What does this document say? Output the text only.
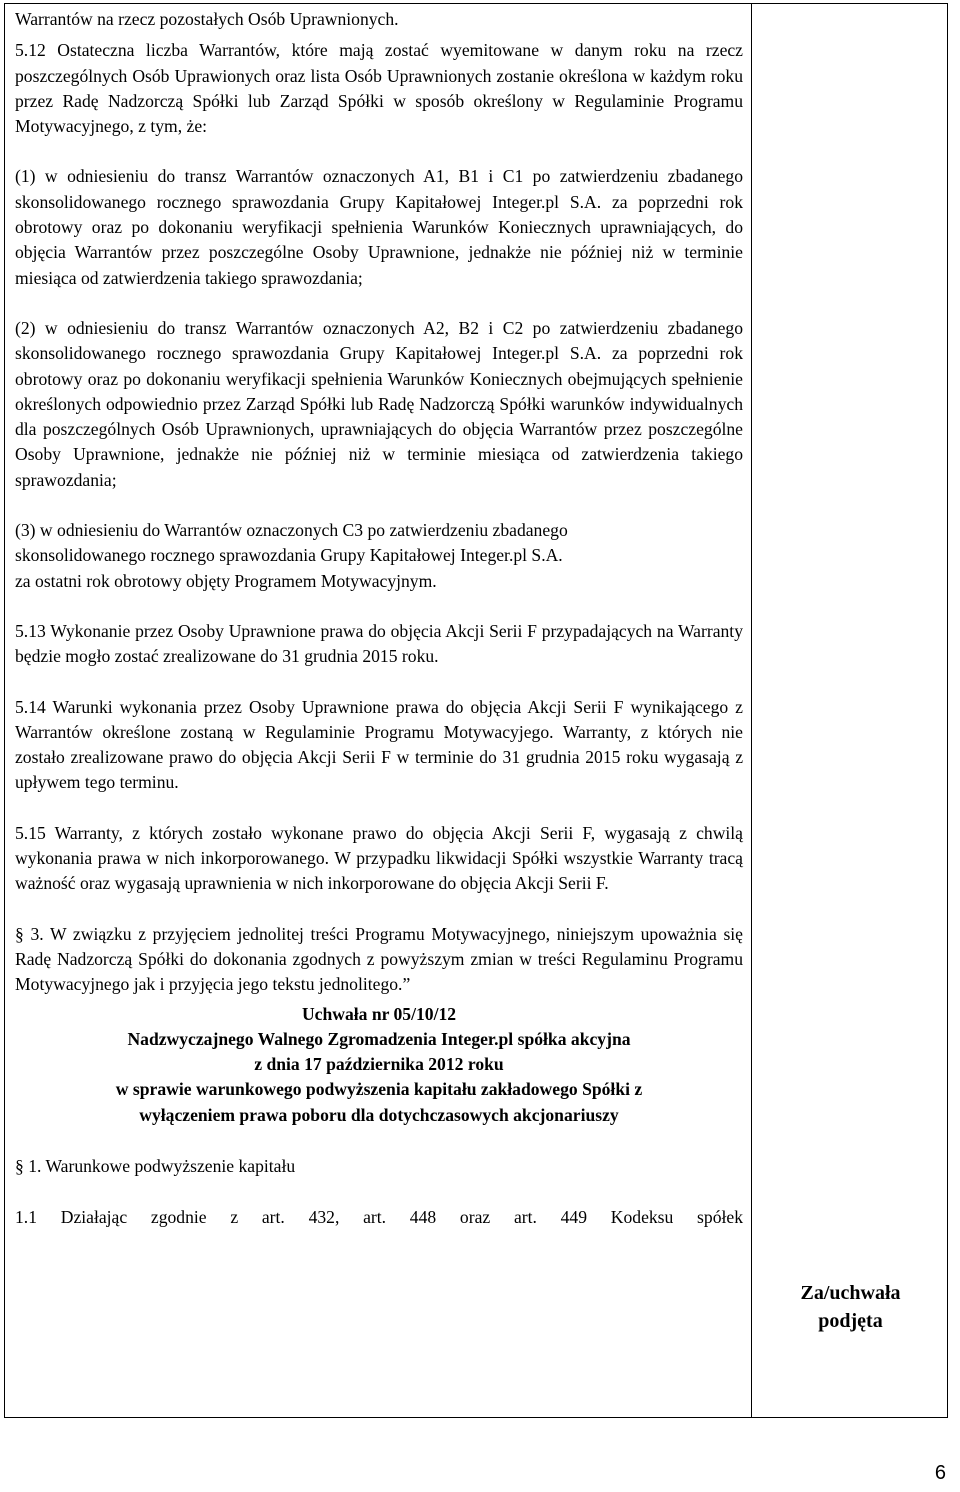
Warrantów na rzecz pozostałych Osób Uprawnionych.

5.12 Ostateczna liczba Warrantów, które mają zostać wyemitowane w danym roku na rzecz poszczególnych Osób Uprawionych oraz lista Osób Uprawnionych zostanie określona w każdym roku przez Radę Nadzorczą Spółki lub Zarząd Spółki w sposób określony w Regulaminie Programu Motywacyjnego, z tym, że:

(1) w odniesieniu do transz Warrantów oznaczonych A1, B1 i C1 po zatwierdzeniu zbadanego skonsolidowanego rocznego sprawozdania Grupy Kapitałowej Integer.pl S.A. za poprzedni rok obrotowy oraz po dokonaniu weryfikacji spełnienia Warunków Koniecznych uprawniających, do objęcia Warrantów przez poszczególne Osoby Uprawnione, jednakże nie później niż w terminie miesiąca od zatwierdzenia takiego sprawozdania;

(2) w odniesieniu do transz Warrantów oznaczonych A2, B2 i C2 po zatwierdzeniu zbadanego skonsolidowanego rocznego sprawozdania Grupy Kapitałowej Integer.pl S.A. za poprzedni rok obrotowy oraz po dokonaniu weryfikacji spełnienia Warunków Koniecznych obejmujących spełnienie określonych odpowiednio przez Zarząd Spółki lub Radę Nadzorczą Spółki warunków indywidualnych dla poszczególnych Osób Uprawnionych, uprawniających do objęcia Warrantów przez poszczególne Osoby Uprawnione, jednakże nie później niż w terminie miesiąca od zatwierdzenia takiego sprawozdania;

(3) w odniesieniu do Warrantów oznaczonych C3 po zatwierdzeniu zbadanego

skonsolidowanego rocznego sprawozdania Grupy Kapitałowej Integer.pl S.A.

za ostatni rok obrotowy objęty Programem Motywacyjnym.

5.13 Wykonanie przez Osoby Uprawnione prawa do objęcia Akcji Serii F przypadających na Warranty będzie mogło zostać zrealizowane do 31 grudnia 2015 roku.

5.14 Warunki wykonania przez Osoby Uprawnione prawa do objęcia Akcji Serii F wynikającego z Warrantów określone zostaną w Regulaminie Programu Motywacyjego. Warranty, z których nie zostało zrealizowane prawo do objęcia Akcji Serii F w terminie do 31 grudnia 2015 roku wygasają z upływem tego terminu.

5.15 Warranty, z których zostało wykonane prawo do objęcia Akcji Serii F, wygasają z chwilą wykonania prawa w nich inkorporowanego. W przypadku likwidacji Spółki wszystkie Warranty tracą ważność oraz wygasają uprawnienia w nich inkorporowane do objęcia Akcji Serii F.

§ 3. W związku z przyjęciem jednolitej treści Programu Motywacyjnego, niniejszym upoważnia się Radę Nadzorczą Spółki do dokonania zgodnych z powyższym zmian w treści Regulaminu Programu Motywacyjnego jak i przyjęcia jego tekstu jednolitego.”

Uchwała nr 05/10/12
Nadzwyczajnego Walnego Zgromadzenia Integer.pl spółka akcyjna
z dnia 17 października 2012 roku
w sprawie warunkowego podwyższenia kapitału zakładowego Spółki z
wyłączeniem prawa poboru dla dotychczasowych akcjonariuszy

§ 1. Warunkowe podwyższenie kapitału

1.1 Działając zgodnie z art. 432, art. 448 oraz art. 449 Kodeksu spółek

Za/uchwała
podjęta
6
